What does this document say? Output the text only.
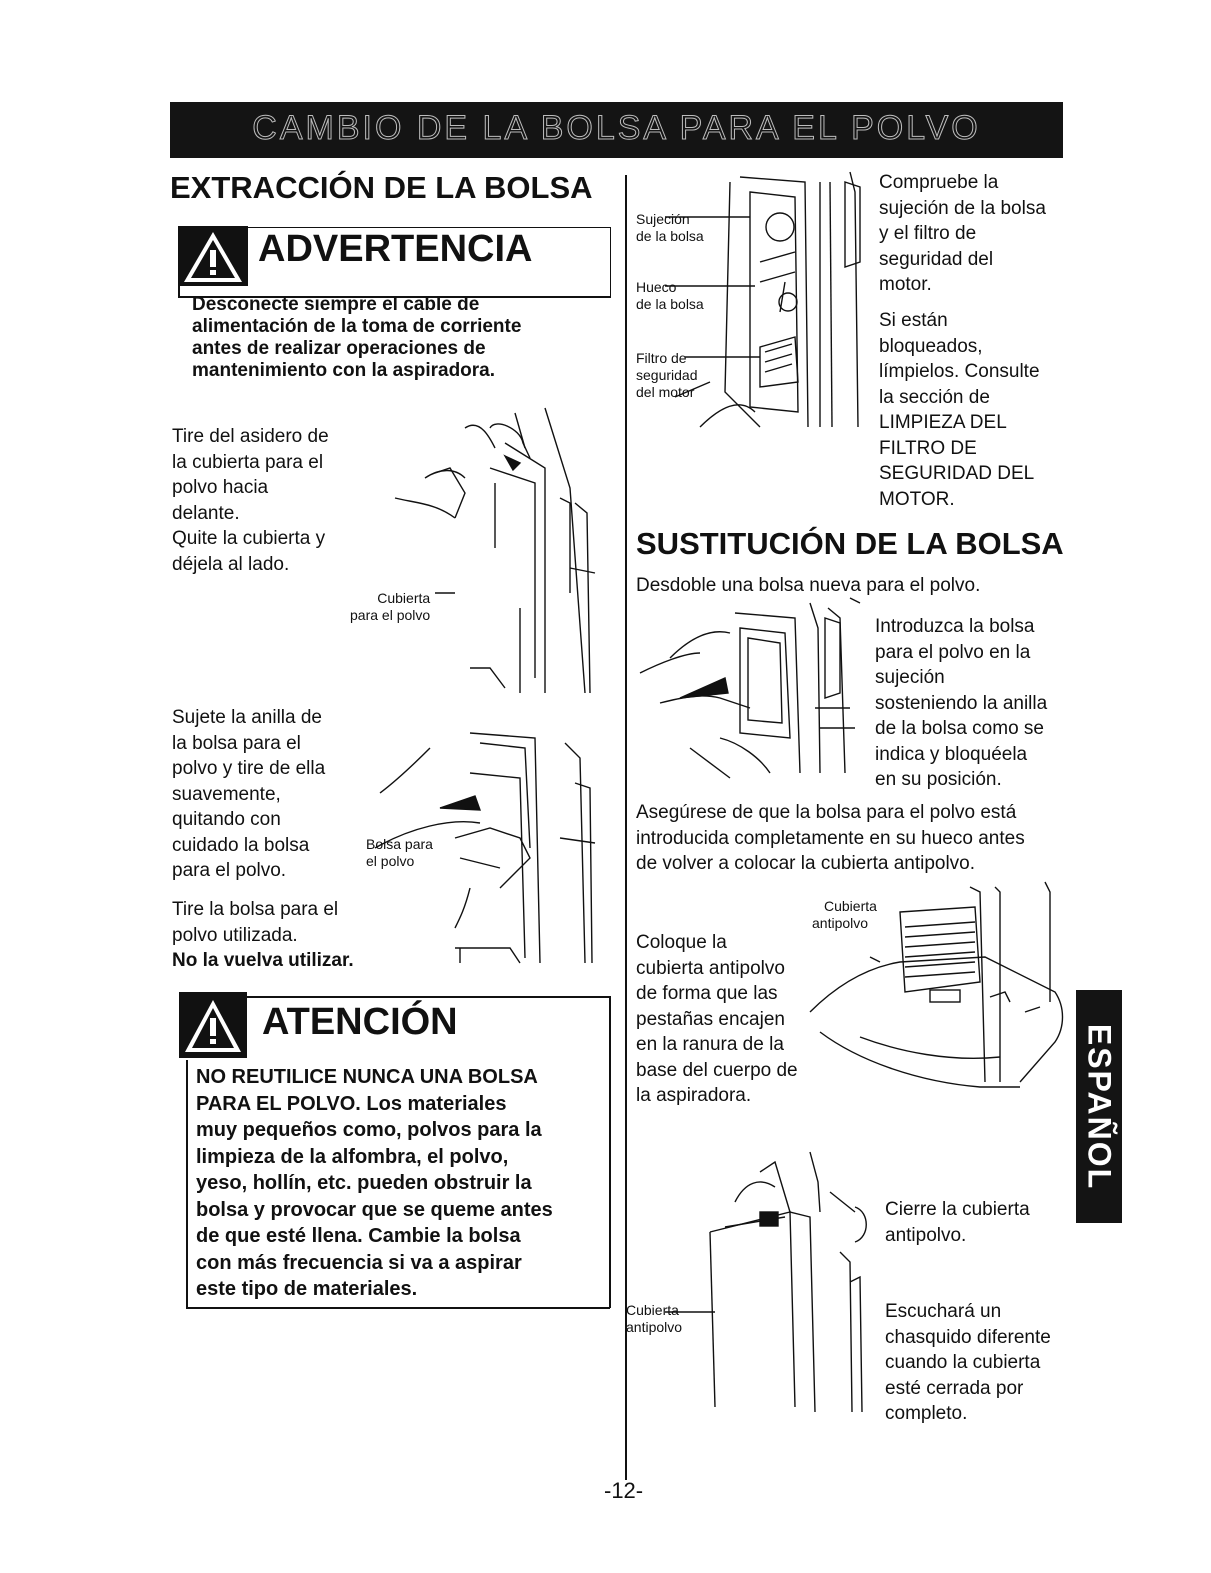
CAMBIO DE LA BOLSA PARA EL POLVO
EXTRACCIÓN DE LA BOLSA
ADVERTENCIA
Desconecte siempre el cable de
alimentación de la toma de corriente
antes de realizar operaciones de
mantenimiento con la aspiradora.
Tire del asidero de
la cubierta para el
polvo hacia
delante.
Quite la cubierta y
déjela al lado.
Cubierta
para el polvo
Sujete la anilla de
la bolsa para el
polvo y tire de ella
suavemente,
quitando con
cuidado la bolsa
para el polvo.
Bolsa para
el polvo
Tire la bolsa para el
polvo utilizada.
No la vuelva utilizar.
ATENCIÓN
NO REUTILICE NUNCA UNA BOLSA
PARA EL POLVO. Los materiales
muy pequeños como, polvos para la
limpieza de la alfombra, el polvo,
yeso, hollín, etc. pueden obstruir la
bolsa y provocar que se queme antes
de que esté llena. Cambie la bolsa
con más frecuencia si va a aspirar
este tipo de materiales.
Sujeción
de la bolsa
Hueco
de la bolsa
Filtro de
seguridad
del motor
Compruebe la
sujeción de la bolsa
y el filtro de
seguridad del
motor.
Si están
bloqueados,
límpielos. Consulte
la sección de
LIMPIEZA DEL
FILTRO DE
SEGURIDAD DEL
MOTOR.
SUSTITUCIÓN DE LA BOLSA
Desdoble una bolsa nueva para el polvo.
Introduzca la bolsa
para el polvo en la
sujeción
sosteniendo la anilla
de la bolsa como se
indica y bloquéela
en su posición.
Asegúrese de que la bolsa para el polvo está
introducida completamente en su hueco antes
de volver a colocar la cubierta antipolvo.
Cubierta
antipolvo
Coloque la
cubierta antipolvo
de forma que las
pestañas encajen
en la ranura de la
base del cuerpo de
la aspiradora.
Cubierta
antipolvo
Cierre la cubierta
antipolvo.
Escuchará un
chasquido diferente
cuando la cubierta
esté cerrada por
completo.
ESPAÑOL
-12-
